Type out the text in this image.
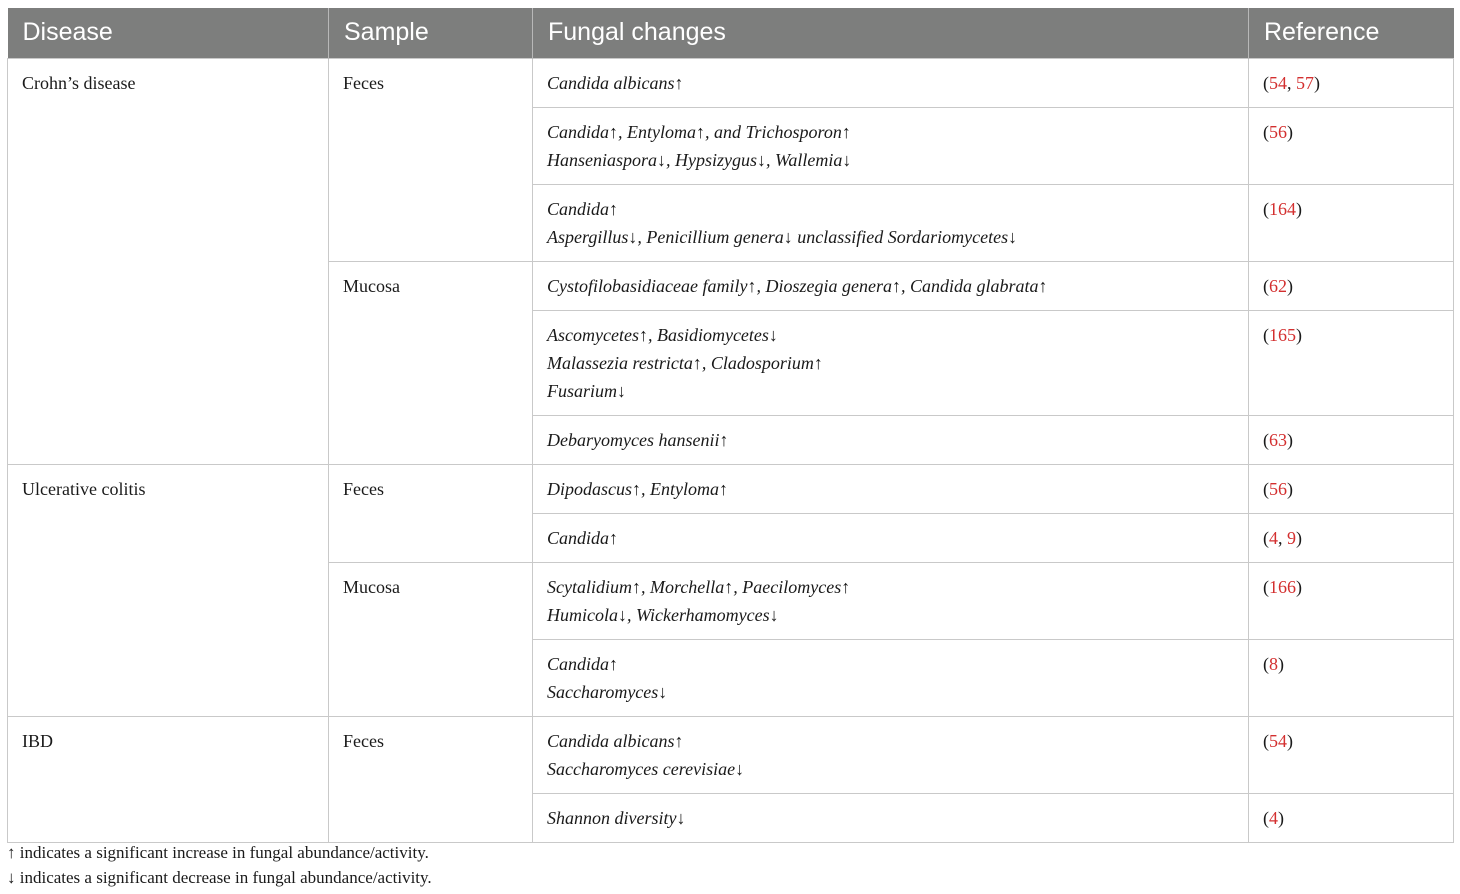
Disease	Sample	Fungal changes	Reference
Crohn’s disease	Feces	Candida albicans↑	(54, 57)

		Candida↑, Entyloma↑, and Trichosporon↑
Hanseniaspora↓, Hypsizygus↓, Wallemia↓	(56)

		Candida↑
Aspergillus↓, Penicillium genera↓ unclassified Sordariomycetes↓	(164)
	Mucosa	Cystofilobasidiaceae family↑, Dioszegia genera↑, Candida glabrata↑	(62)

		Ascomycetes↑, Basidiomycetes↓
Malassezia restricta↑, Cladosporium↑
Fusarium↓	(165)

		Debaryomyces hansenii↑	(63)
Ulcerative colitis	Feces	Dipodascus↑, Entyloma↑	(56)

		Candida↑	(4, 9)
	Mucosa	Scytalidium↑, Morchella↑, Paecilomyces↑
Humicola↓, Wickerhamomyces↓	(166)

		Candida↑
Saccharomyces↓	(8)
IBD	Feces	Candida albicans↑
Saccharomyces cerevisiae↓	(54)

		Shannon diversity↓	(4)
↑ indicates a significant increase in fungal abundance/activity.
↓ indicates a significant decrease in fungal abundance/activity.
